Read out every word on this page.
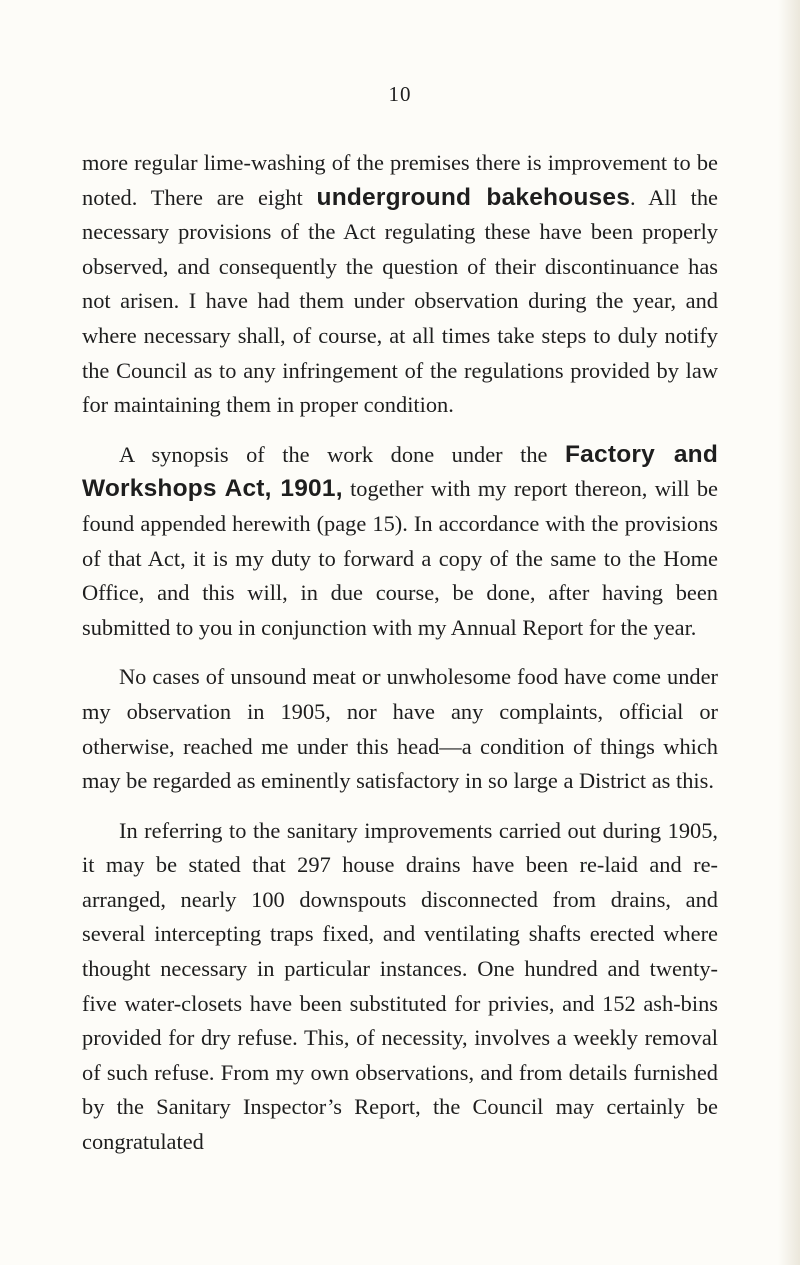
10

more regular lime-washing of the premises there is improvement to be noted. There are eight underground bakehouses. All the necessary provisions of the Act regulating these have been properly observed, and consequently the question of their discontinuance has not arisen. I have had them under observation during the year, and where necessary shall, of course, at all times take steps to duly notify the Council as to any infringement of the regulations provided by law for maintaining them in proper condition.

A synopsis of the work done under the Factory and Workshops Act, 1901, together with my report thereon, will be found appended herewith (page 15). In accordance with the provisions of that Act, it is my duty to forward a copy of the same to the Home Office, and this will, in due course, be done, after having been submitted to you in conjunction with my Annual Report for the year.

No cases of unsound meat or unwholesome food have come under my observation in 1905, nor have any complaints, official or otherwise, reached me under this head—a condition of things which may be regarded as eminently satisfactory in so large a District as this.

In referring to the sanitary improvements carried out during 1905, it may be stated that 297 house drains have been re-laid and re-arranged, nearly 100 downspouts disconnected from drains, and several intercepting traps fixed, and ventilating shafts erected where thought necessary in particular instances. One hundred and twenty-five water-closets have been substituted for privies, and 152 ash-bins provided for dry refuse. This, of necessity, involves a weekly removal of such refuse. From my own observations, and from details furnished by the Sanitary Inspector’s Report, the Council may certainly be congratulated
